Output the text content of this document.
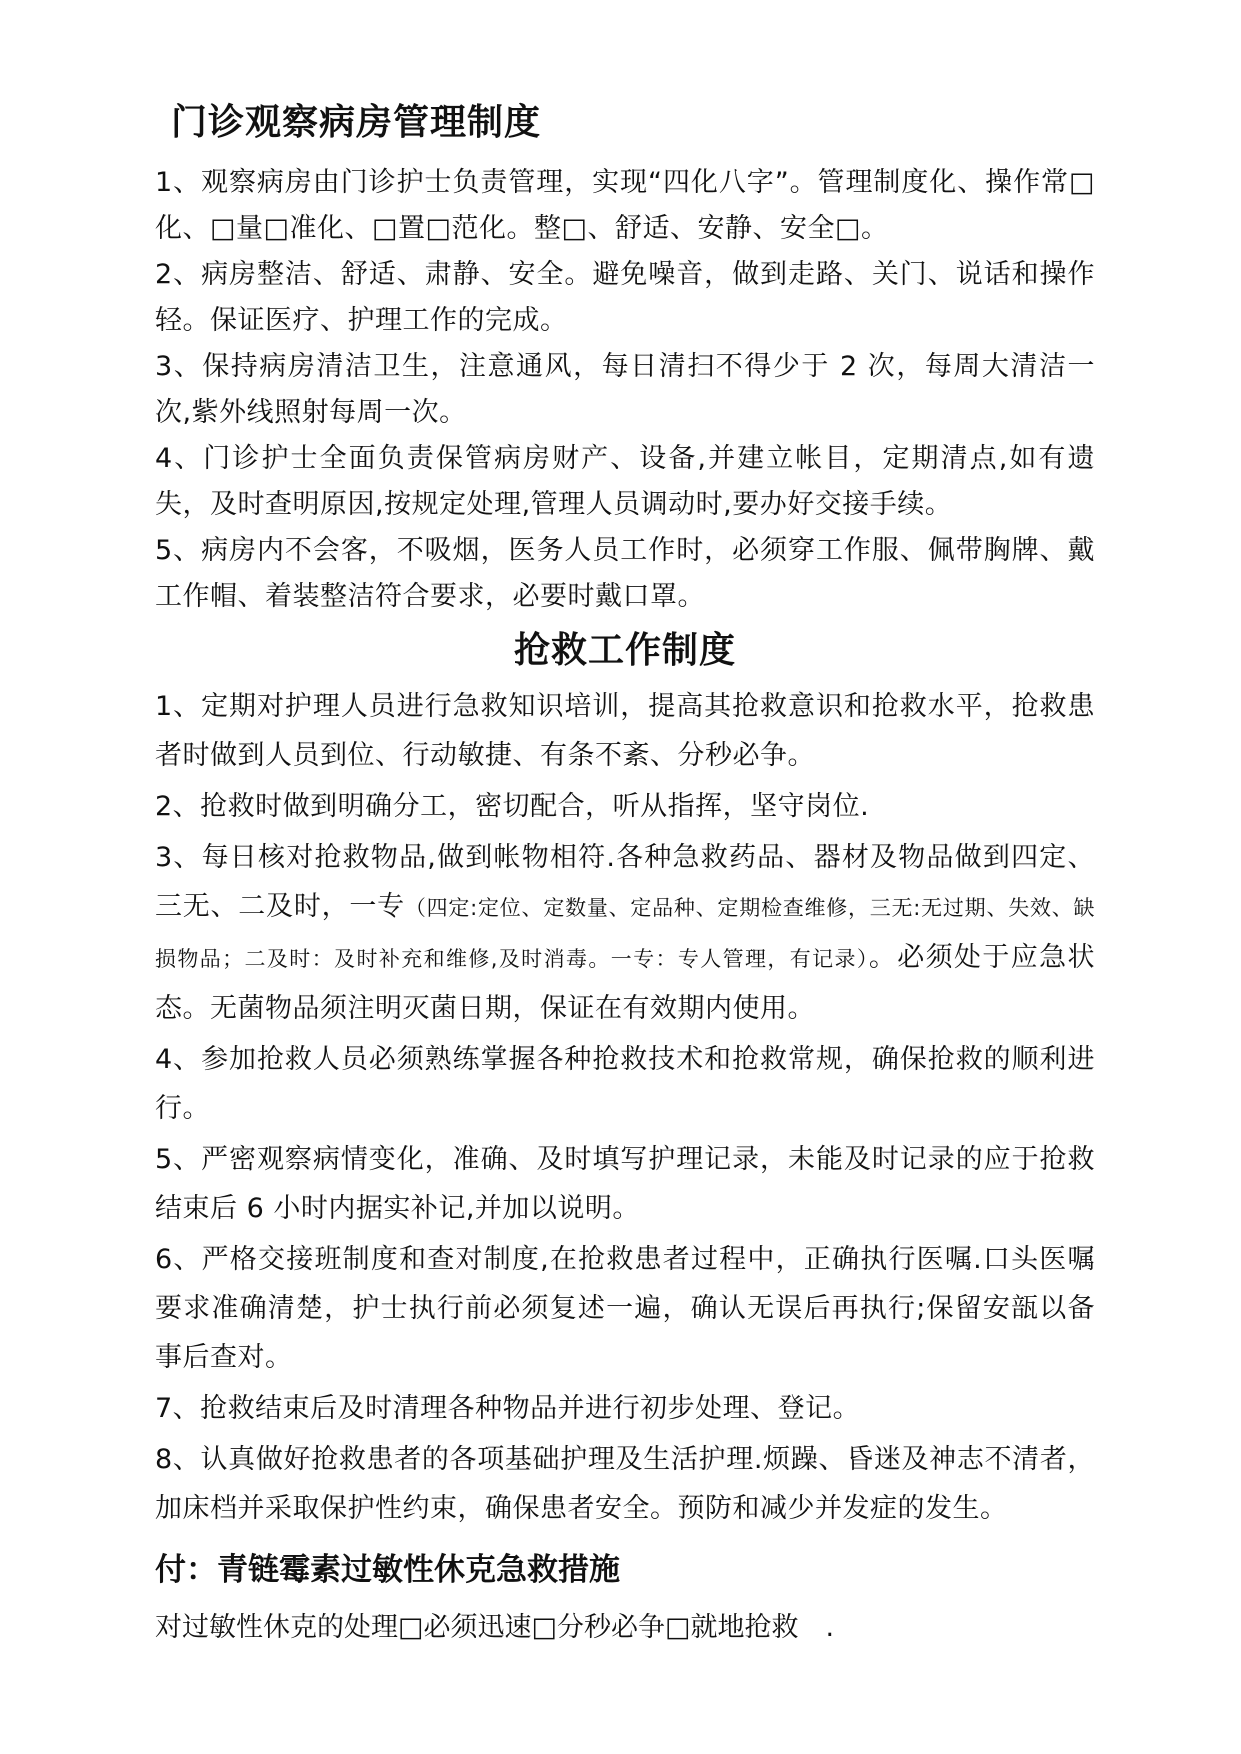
门诊观察病房管理制度

1、观察病房由门诊护士负责管理，实现“四化八字”。管理制度化、操作常□化、□量□准化、□置□范化。整□、舒适、安静、安全□。

2、病房整洁、舒适、肃静、安全。避免噪音，做到走路、关门、说话和操作轻。保证医疗、护理工作的完成。

3、保持病房清洁卫生，注意通风，每日清扫不得少于 2 次，每周大清洁一次,紫外线照射每周一次。

4、门诊护士全面负责保管病房财产、设备,并建立帐目，定期清点,如有遗失，及时查明原因,按规定处理,管理人员调动时,要办好交接手续。

5、病房内不会客，不吸烟，医务人员工作时，必须穿工作服、佩带胸牌、戴工作帽、着装整洁符合要求，必要时戴口罩。

抢救工作制度

1、定期对护理人员进行急救知识培训，提高其抢救意识和抢救水平，抢救患者时做到人员到位、行动敏捷、有条不紊、分秒必争。

2、抢救时做到明确分工，密切配合，听从指挥，坚守岗位.

3、每日核对抢救物品,做到帐物相符.各种急救药品、器材及物品做到四定、三无、二及时，一专（四定:定位、定数量、定品种、定期检查维修，三无:无过期、失效、缺损物品；二及时：及时补充和维修,及时消毒。一专：专人管理，有记录）。必须处于应急状态。无菌物品须注明灭菌日期，保证在有效期内使用。

4、参加抢救人员必须熟练掌握各种抢救技术和抢救常规，确保抢救的顺利进行。

5、严密观察病情变化，准确、及时填写护理记录，未能及时记录的应于抢救结束后 6 小时内据实补记,并加以说明。

6、严格交接班制度和查对制度,在抢救患者过程中，正确执行医嘱.口头医嘱要求准确清楚，护士执行前必须复述一遍，确认无误后再执行;保留安瓿以备事后查对。

7、抢救结束后及时清理各种物品并进行初步处理、登记。

8、认真做好抢救患者的各项基础护理及生活护理.烦躁、昏迷及神志不清者，加床档并采取保护性约束，确保患者安全。预防和减少并发症的发生。

付：青链霉素过敏性休克急救措施

对过敏性休克的处理□必须迅速□分秒必争□就地抢救　.
